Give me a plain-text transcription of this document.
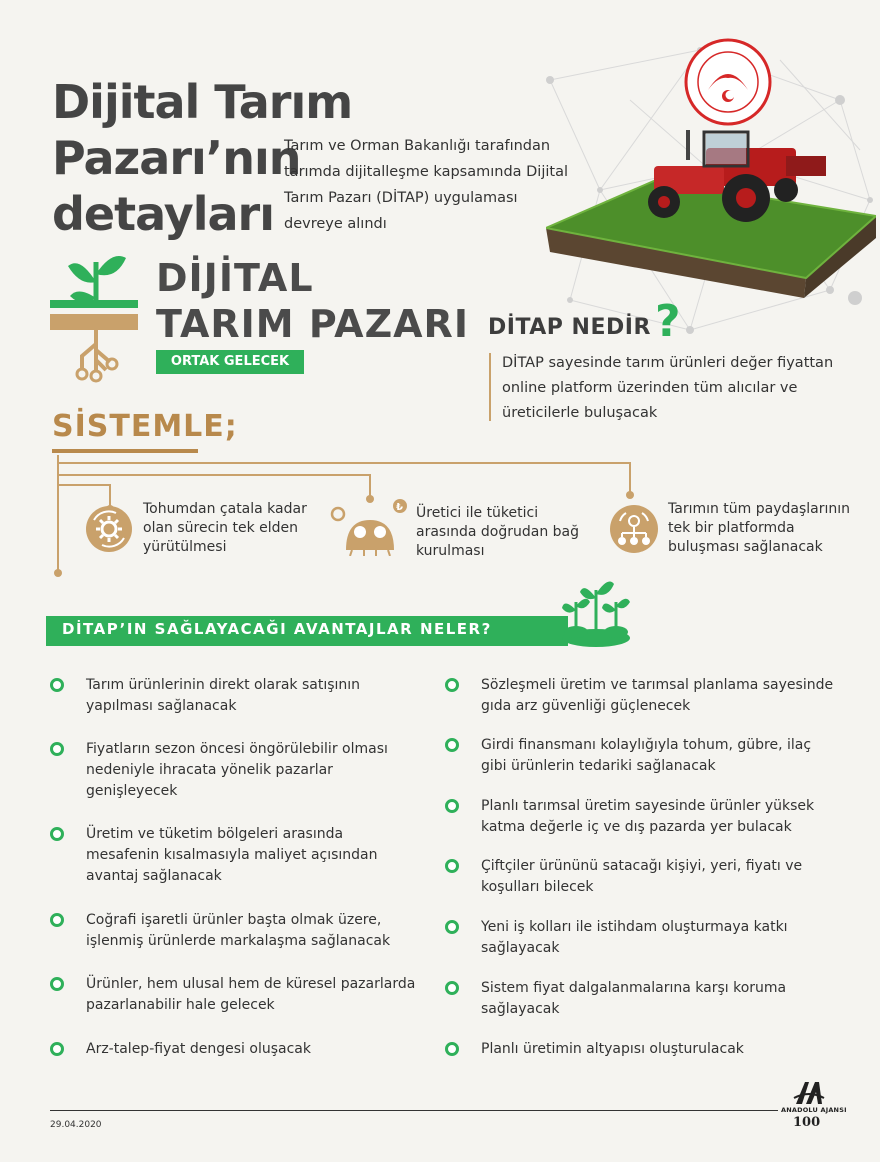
Dijital Tarım Pazarı’nın
detayları
Tarım ve Orman Bakanlığı tarafından
tarımda dijitalleşme kapsamında Dijital
Tarım Pazarı (DİTAP) uygulaması
devreye alındı
DİJİTAL
TARIM PAZARI
ORTAK GELECEK
DİTAP NEDİR ?
DİTAP sayesinde tarım ürünleri değer fiyattan
online platform üzerinden tüm alıcılar ve
üreticilerle buluşacak
SİSTEMLE;
Tohumdan çatala kadar
olan sürecin tek elden
yürütülmesi
₺ Üretici ile tüketici
arasında doğrudan bağ
kurulması
Tarımın tüm paydaşlarının
tek bir platformda
buluşması sağlanacak
DİTAP’IN SAĞLAYACAĞI AVANTAJLAR NELER?
Tarım ürünlerinin direkt olarak satışının
yapılması sağlanacak
Fiyatların sezon öncesi öngörülebilir olması
nedeniyle ihracata yönelik pazarlar
genişleyecek
Üretim ve tüketim bölgeleri arasında
mesafenin kısalmasıyla maliyet açısından
avantaj sağlanacak
Coğrafi işaretli ürünler başta olmak üzere,
işlenmiş ürünlerde markalaşma sağlanacak
Ürünler, hem ulusal hem de küresel pazarlarda
pazarlanabilir hale gelecek
Arz-talep-fiyat dengesi oluşacak
Sözleşmeli üretim ve tarımsal planlama sayesinde
gıda arz güvenliği güçlenecek
Girdi finansmanı kolaylığıyla tohum, gübre, ilaç
gibi ürünlerin tedariki sağlanacak
Planlı tarımsal üretim sayesinde ürünler yüksek
katma değerle iç ve dış pazarda yer bulacak
Çiftçiler ürününü satacağı kişiyi, yeri, fiyatı ve
koşulları bilecek
Yeni iş kolları ile istihdam oluşturmaya katkı
sağlayacak
Sistem fiyat dalgalanmalarına karşı koruma
sağlayacak
Planlı üretimin altyapısı oluşturulacak
29.04.2020
ANADOLU AJANSI
100
